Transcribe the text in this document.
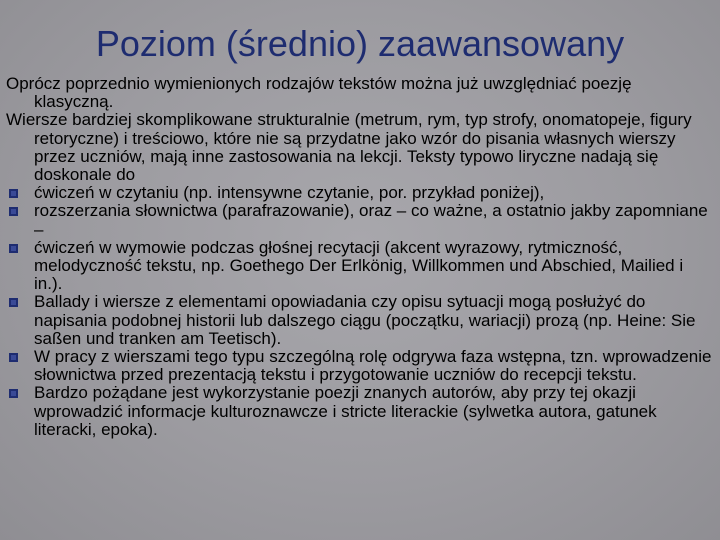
Poziom (średnio) zaawansowany

Oprócz poprzednio wymienionych rodzajów tekstów można już uwzględniać poezję klasyczną.

Wiersze bardziej skomplikowane strukturalnie (metrum, rym, typ strofy, onomatopeje, figury retoryczne) i treściowo, które nie są przydatne jako wzór do pisania własnych wierszy przez uczniów, mają inne zastosowania na lekcji. Teksty typowo liryczne nadają się doskonale do

ćwiczeń w czytaniu (np. intensywne czytanie, por. przykład poniżej),
rozszerzania słownictwa (parafrazowanie), oraz – co ważne, a ostatnio jakby zapomniane –
ćwiczeń w wymowie podczas głośnej recytacji (akcent wyrazowy, rytmiczność, melodyczność tekstu, np. Goethego Der Erlkönig, Willkommen und Abschied, Mailied i in.).
Ballady i wiersze z elementami opowiadania czy opisu sytuacji mogą posłużyć do napisania podobnej historii lub dalszego ciągu (początku, wariacji) prozą (np. Heine: Sie saßen und tranken am Teetisch).
W pracy z wierszami tego typu szczególną rolę odgrywa faza wstępna, tzn. wprowadzenie słownictwa przed prezentacją tekstu i przygotowanie uczniów do recepcji tekstu.
Bardzo pożądane jest wykorzystanie poezji znanych autorów, aby przy tej okazji wprowadzić informacje kulturoznawcze i stricte literackie (sylwetka autora, gatunek literacki, epoka).
